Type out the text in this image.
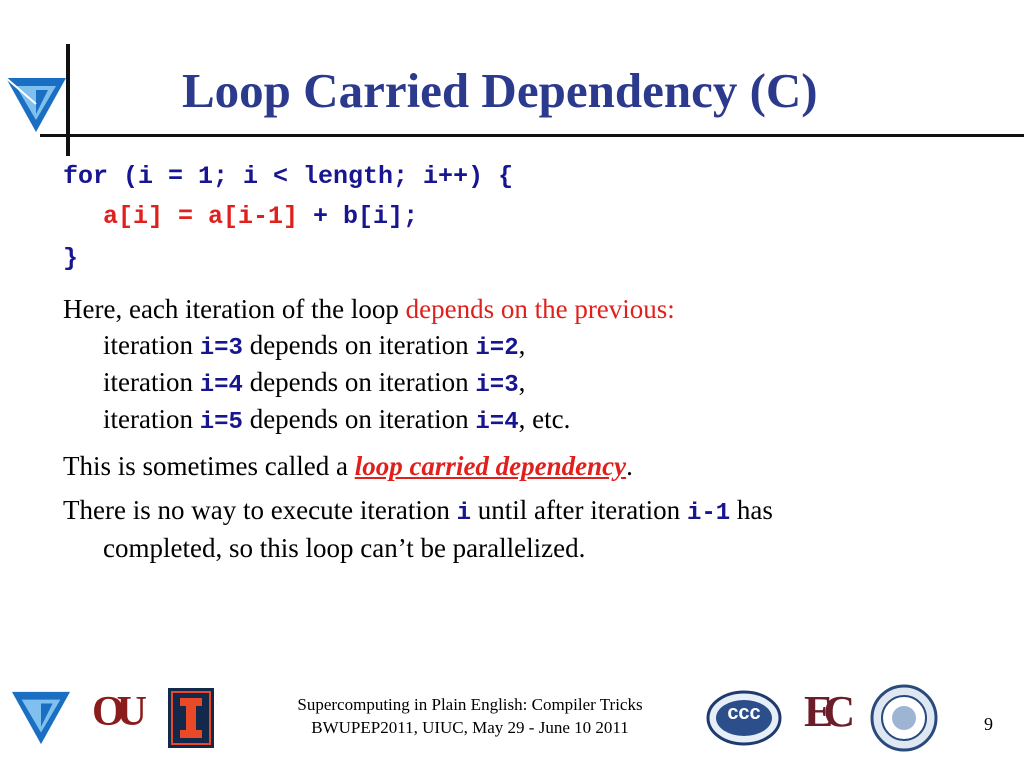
Loop Carried Dependency (C)
for (i = 1; i < length; i++) {
a[i] = a[i-1] + b[i];
}
Here, each iteration of the loop depends on the previous:
iteration i=3 depends on iteration i=2,
iteration i=4 depends on iteration i=3,
iteration i=5 depends on iteration i=4, etc.
This is sometimes called a loop carried dependency.
There is no way to execute iteration i until after iteration i-1 has
completed, so this loop can’t be parallelized.
OU	Supercomputing in Plain English: Compiler Tricks
BWUPEP2011, UIUC, May 29 - June 10 2011
ccc EC	9
